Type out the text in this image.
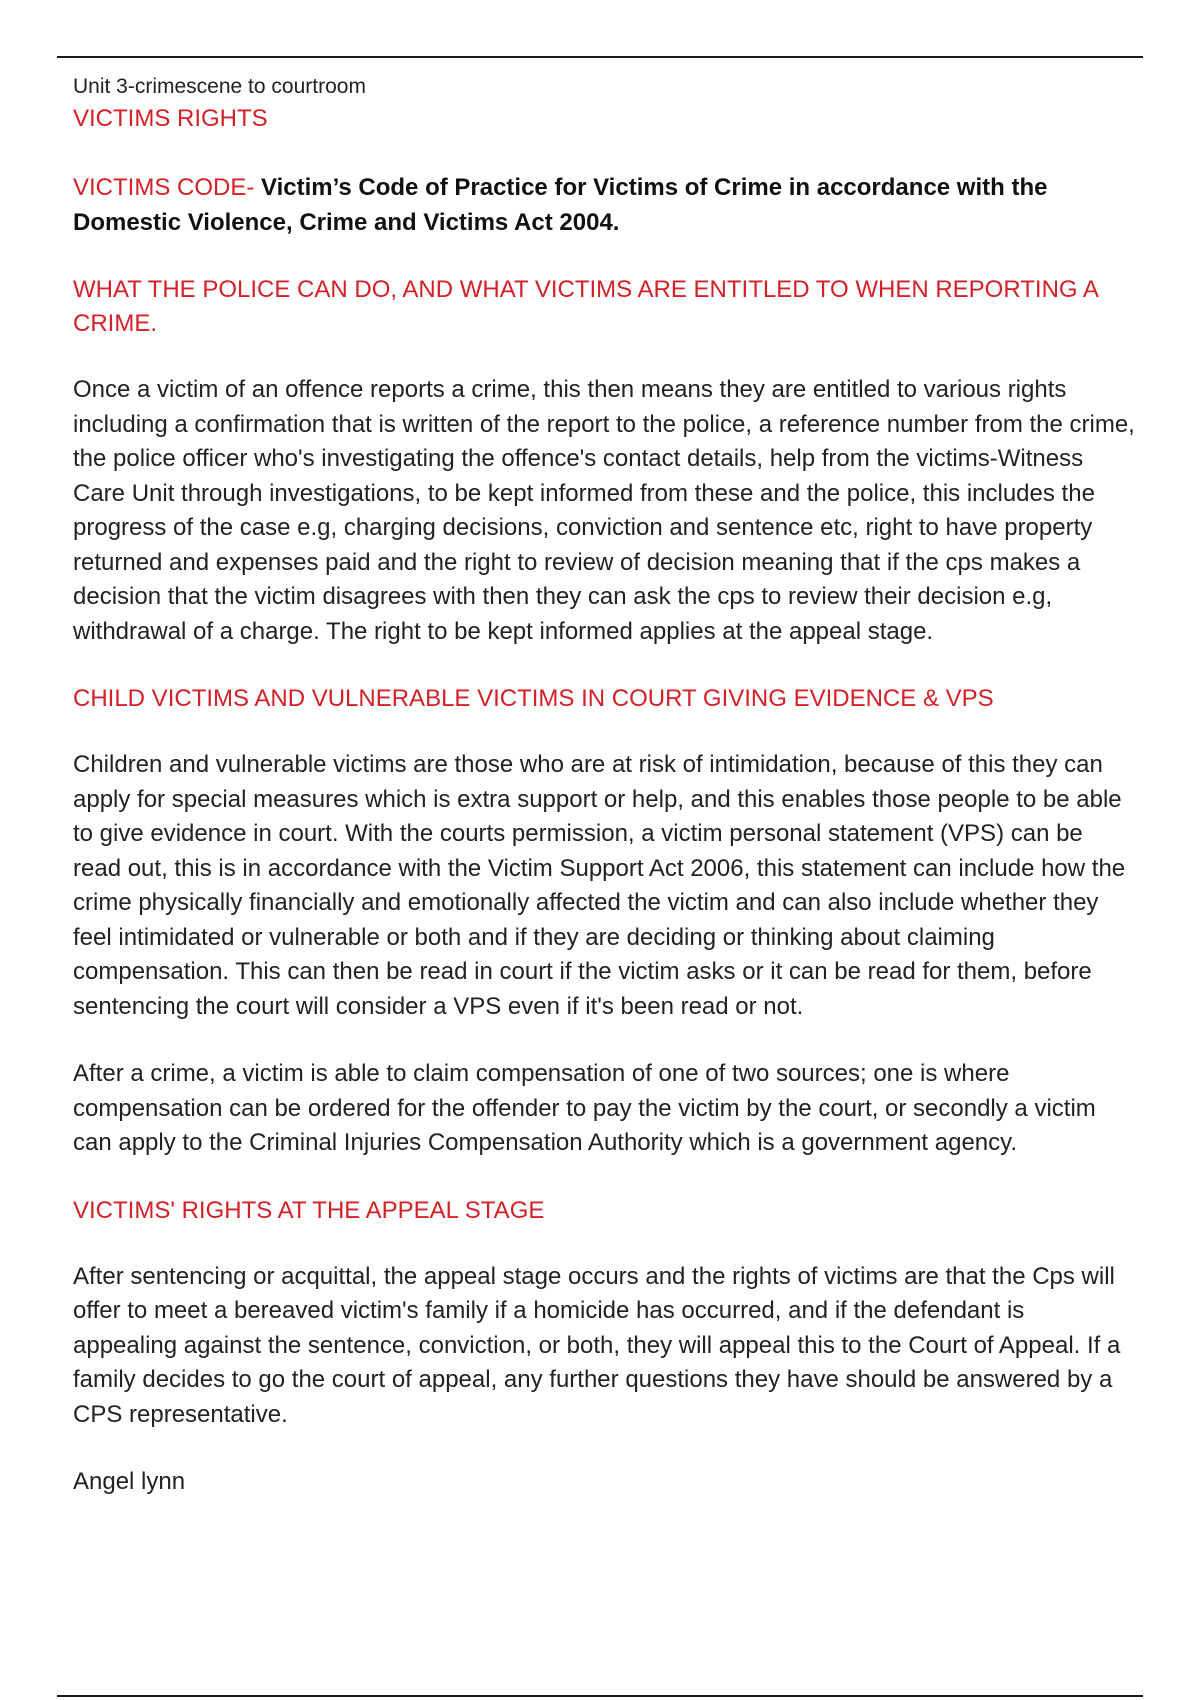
Unit 3-crimescene to courtroom
VICTIMS RIGHTS

VICTIMS CODE- Victim’s Code of Practice for Victims of Crime in accordance with the Domestic Violence, Crime and Victims Act 2004.

WHAT THE POLICE CAN DO, AND WHAT VICTIMS ARE ENTITLED TO WHEN REPORTING A CRIME.

Once a victim of an offence reports a crime, this then means they are entitled to various rights including a confirmation that is written of the report to the police, a reference number from the crime, the police officer who's investigating the offence's contact details, help from the victims-Witness Care Unit through investigations, to be kept informed from these and the police, this includes the progress of the case e.g, charging decisions, conviction and sentence etc, right to have property returned and expenses paid and the right to review of decision meaning that if the cps makes a decision that the victim disagrees with then they can ask the cps to review their decision e.g, withdrawal of a charge. The right to be kept informed applies at the appeal stage.

CHILD VICTIMS AND VULNERABLE VICTIMS IN COURT GIVING EVIDENCE & VPS

Children and vulnerable victims are those who are at risk of intimidation, because of this they can apply for special measures which is extra support or help, and this enables those people to be able to give evidence in court. With the courts permission, a victim personal statement (VPS) can be read out, this is in accordance with the Victim Support Act 2006, this statement can include how the crime physically financially and emotionally affected the victim and can also include whether they feel intimidated or vulnerable or both and if they are deciding or thinking about claiming compensation. This can then be read in court if the victim asks or it can be read for them, before sentencing the court will consider a VPS even if it's been read or not.

After a crime, a victim is able to claim compensation of one of two sources; one is where compensation can be ordered for the offender to pay the victim by the court, or secondly a victim can apply to the Criminal Injuries Compensation Authority which is a government agency.

VICTIMS' RIGHTS AT THE APPEAL STAGE

After sentencing or acquittal, the appeal stage occurs and the rights of victims are that the Cps will offer to meet a bereaved victim's family if a homicide has occurred, and if the defendant is appealing against the sentence, conviction, or both, they will appeal this to the Court of Appeal. If a family decides to go the court of appeal, any further questions they have should be answered by a CPS representative.

Angel lynn
